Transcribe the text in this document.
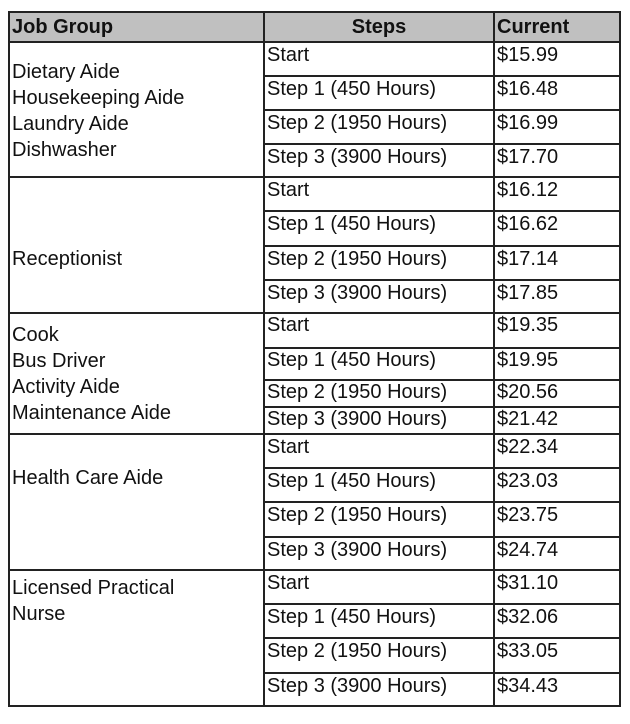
Job Group	Steps	Current

Dietary Aide
Housekeeping Aide
Laundry Aide
Dishwasher	Start	$15.99
	Step 1 (450 Hours)	$16.48
	Step 2 (1950 Hours)	$16.99
	Step 3 (3900 Hours)	$17.70

Receptionist	Start	$16.12
	Step 1 (450 Hours)	$16.62
	Step 2 (1950 Hours)	$17.14
	Step 3 (3900 Hours)	$17.85

Cook
Bus Driver
Activity Aide
Maintenance Aide	Start	$19.35
	Step 1 (450 Hours)	$19.95
	Step 2 (1950 Hours)	$20.56
	Step 3 (3900 Hours)	$21.42

Health Care Aide	Start	$22.34
	Step 1 (450 Hours)	$23.03
	Step 2 (1950 Hours)	$23.75
	Step 3 (3900 Hours)	$24.74

Licensed Practical
Nurse	Start	$31.10
	Step 1 (450 Hours)	$32.06
	Step 2 (1950 Hours)	$33.05
	Step 3 (3900 Hours)	$34.43
